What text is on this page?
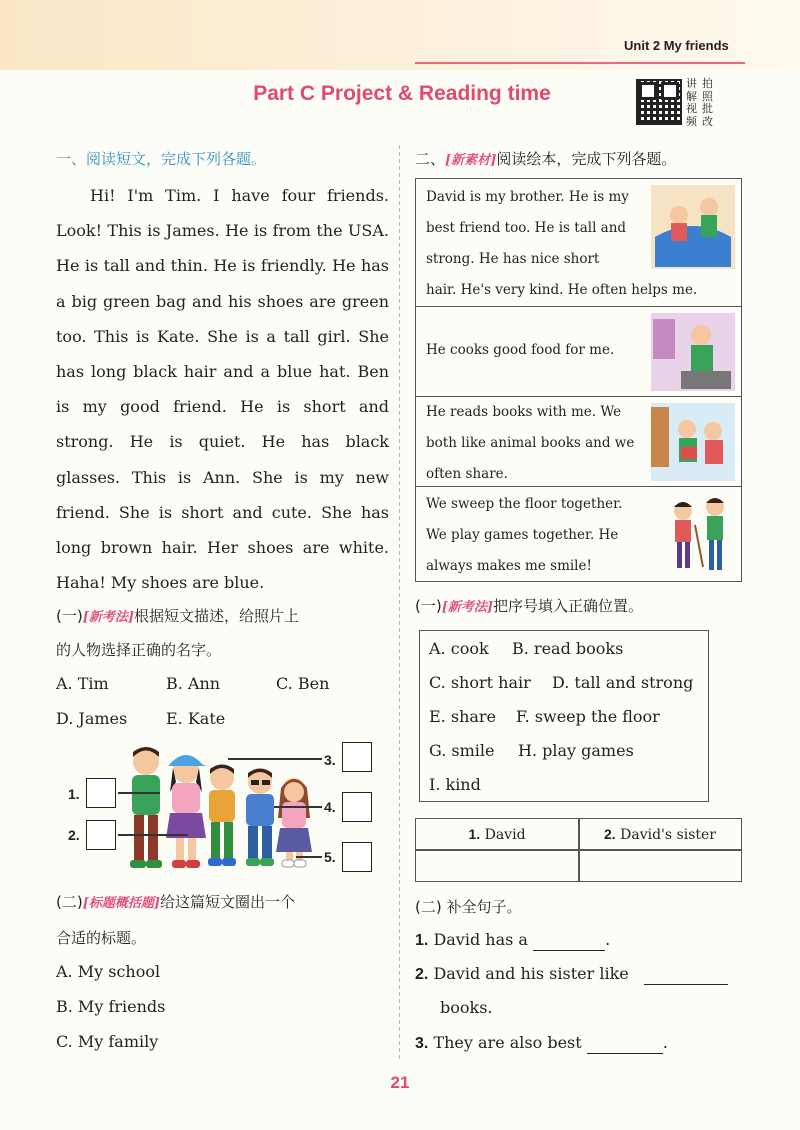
Unit 2 My friends
Part C Project & Reading time	讲 拍
解 照
视 批
频 改
一、阅读短文，完成下列各题。
Hi! I'm Tim. I have four friends. Look! This is James. He is from the USA. He is tall and thin. He is friendly. He has a big green bag and his shoes are green too. This is Kate. She is a tall girl. She has long black hair and a blue hat. Ben is my good friend. He is short and strong. He is quiet. He has black glasses. This is Ann. She is my new friend. She is short and cute. She has long brown hair. Her shoes are white. Haha! My shoes are blue.
(一)[新考法]根据短文描述，给照片上
的人物选择正确的名字。
A. Tim	B. Ann	C. Ben
D. James E. Kate
1.
2.
3.
4.
5.
(二)[标题概括题]给这篇短文圈出一个
合适的标题。
A. My school
B. My friends
C. My family
二、[新素材]阅读绘本，完成下列各题。
David is my brother. He is my
best friend too. He is tall and
strong. He has nice short
hair. He's very kind. He often helps me.
He cooks good food for me.
He reads books with me. We
both like animal books and we
often share.
We sweep the floor together.
We play games together. He
always makes me smile!
(一)[新考法]把序号填入正确位置。
A. cook B. read books
C. short hair D. tall and strong
E. share F. sweep the floor
G. smile H. play games
I. kind
1. David	2. David's sister
(二) 补全句子。
1. David has a	.
2. David and his sister like
books.
3. They are also best	.
21
